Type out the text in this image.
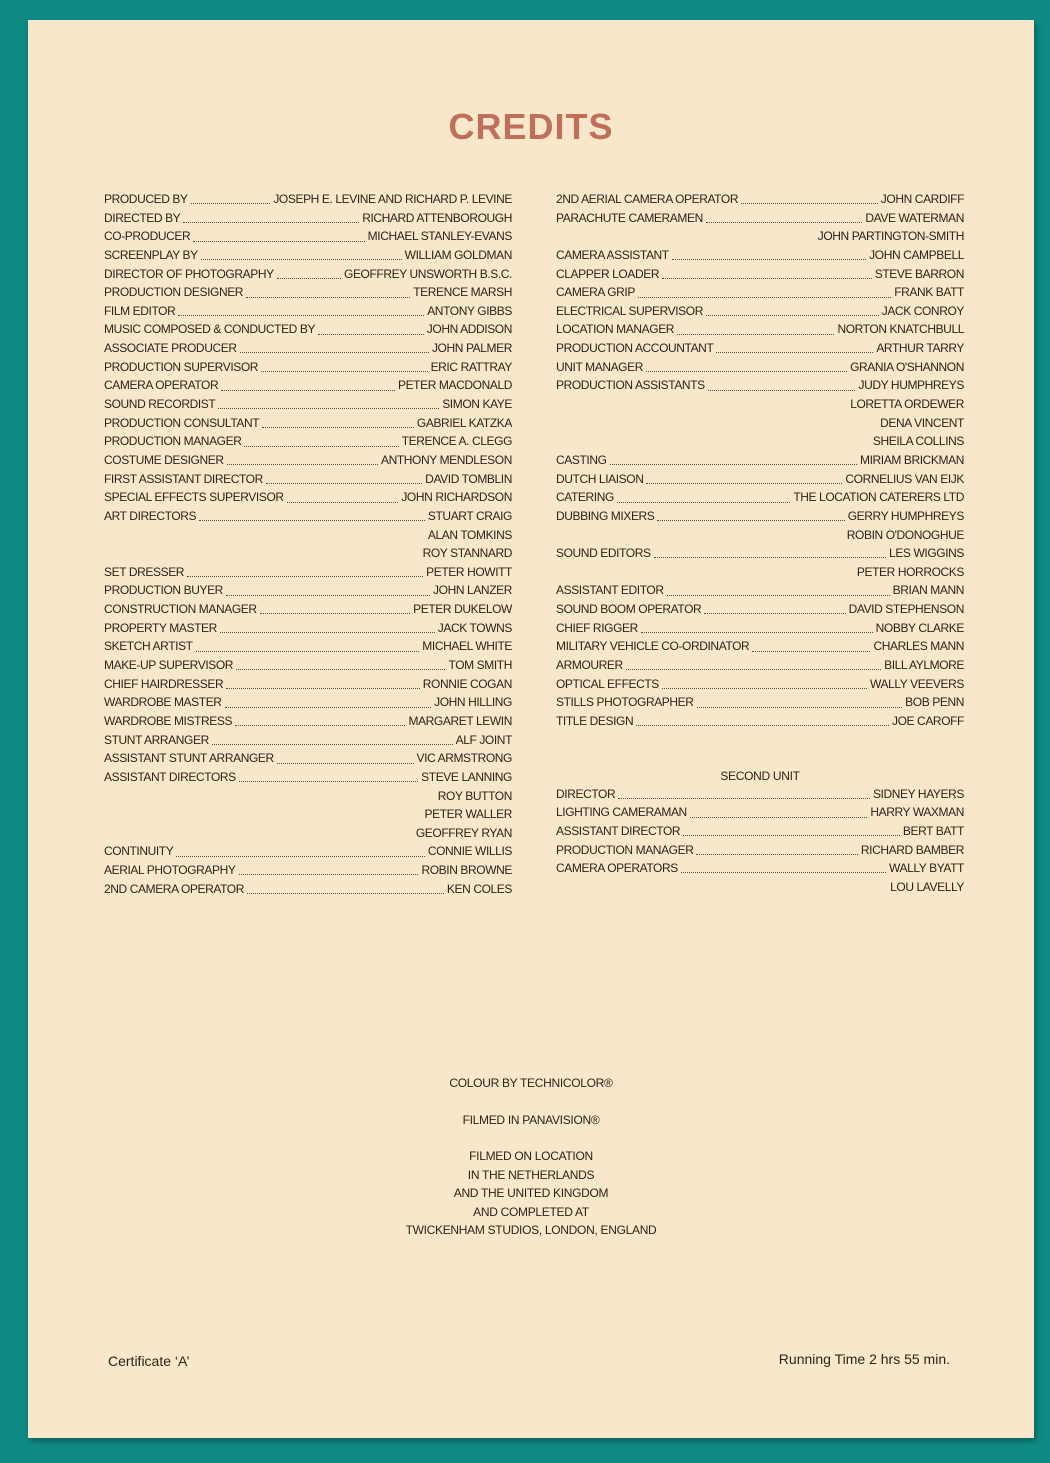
CREDITS
PRODUCED BY	JOSEPH E. LEVINE AND RICHARD P. LEVINE
DIRECTED BY	RICHARD ATTENBOROUGH
CO-PRODUCER	MICHAEL STANLEY-EVANS
SCREENPLAY BY	WILLIAM GOLDMAN
DIRECTOR OF PHOTOGRAPHY	GEOFFREY UNSWORTH B.S.C.
PRODUCTION DESIGNER	TERENCE MARSH
FILM EDITOR	ANTONY GIBBS
MUSIC COMPOSED & CONDUCTED BY	JOHN ADDISON
ASSOCIATE PRODUCER	JOHN PALMER
PRODUCTION SUPERVISOR	ERIC RATTRAY
CAMERA OPERATOR	PETER MACDONALD
SOUND RECORDIST	SIMON KAYE
PRODUCTION CONSULTANT	GABRIEL KATZKA
PRODUCTION MANAGER	TERENCE A. CLEGG
COSTUME DESIGNER	ANTHONY MENDLESON
FIRST ASSISTANT DIRECTOR	DAVID TOMBLIN
SPECIAL EFFECTS SUPERVISOR	JOHN RICHARDSON
ART DIRECTORS	STUART CRAIG
ALAN TOMKINS
ROY STANNARD
SET DRESSER	PETER HOWITT
PRODUCTION BUYER	JOHN LANZER
CONSTRUCTION MANAGER	PETER DUKELOW
PROPERTY MASTER	JACK TOWNS
SKETCH ARTIST	MICHAEL WHITE
MAKE-UP SUPERVISOR	TOM SMITH
CHIEF HAIRDRESSER	RONNIE COGAN
WARDROBE MASTER	JOHN HILLING
WARDROBE MISTRESS	MARGARET LEWIN
STUNT ARRANGER	ALF JOINT
ASSISTANT STUNT ARRANGER	VIC ARMSTRONG
ASSISTANT DIRECTORS	STEVE LANNING
ROY BUTTON
PETER WALLER
GEOFFREY RYAN
CONTINUITY	CONNIE WILLIS
AERIAL PHOTOGRAPHY	ROBIN BROWNE
2ND CAMERA OPERATOR	KEN COLES
2ND AERIAL CAMERA OPERATOR	JOHN CARDIFF
PARACHUTE CAMERAMEN	DAVE WATERMAN
JOHN PARTINGTON-SMITH
CAMERA ASSISTANT	JOHN CAMPBELL
CLAPPER LOADER	STEVE BARRON
CAMERA GRIP	FRANK BATT
ELECTRICAL SUPERVISOR	JACK CONROY
LOCATION MANAGER	NORTON KNATCHBULL
PRODUCTION ACCOUNTANT	ARTHUR TARRY
UNIT MANAGER	GRANIA O'SHANNON
PRODUCTION ASSISTANTS	JUDY HUMPHREYS
LORETTA ORDEWER
DENA VINCENT
SHEILA COLLINS
CASTING	MIRIAM BRICKMAN
DUTCH LIAISON	CORNELIUS VAN EIJK
CATERING	THE LOCATION CATERERS LTD
DUBBING MIXERS	GERRY HUMPHREYS
ROBIN O'DONOGHUE
SOUND EDITORS	LES WIGGINS
PETER HORROCKS
ASSISTANT EDITOR	BRIAN MANN
SOUND BOOM OPERATOR	DAVID STEPHENSON
CHIEF RIGGER	NOBBY CLARKE
MILITARY VEHICLE CO-ORDINATOR	CHARLES MANN
ARMOURER	BILL AYLMORE
OPTICAL EFFECTS	WALLY VEEVERS
STILLS PHOTOGRAPHER	BOB PENN
TITLE DESIGN	JOE CAROFF
SECOND UNIT
DIRECTOR	SIDNEY HAYERS
LIGHTING CAMERAMAN	HARRY WAXMAN
ASSISTANT DIRECTOR	BERT BATT
PRODUCTION MANAGER	RICHARD BAMBER
CAMERA OPERATORS	WALLY BYATT
LOU LAVELLY
COLOUR BY TECHNICOLOR®
FILMED IN PANAVISION®
FILMED ON LOCATION
IN THE NETHERLANDS
AND THE UNITED KINGDOM
AND COMPLETED AT
TWICKENHAM STUDIOS, LONDON, ENGLAND
Certificate ‘A’	Running Time 2 hrs 55 min.
